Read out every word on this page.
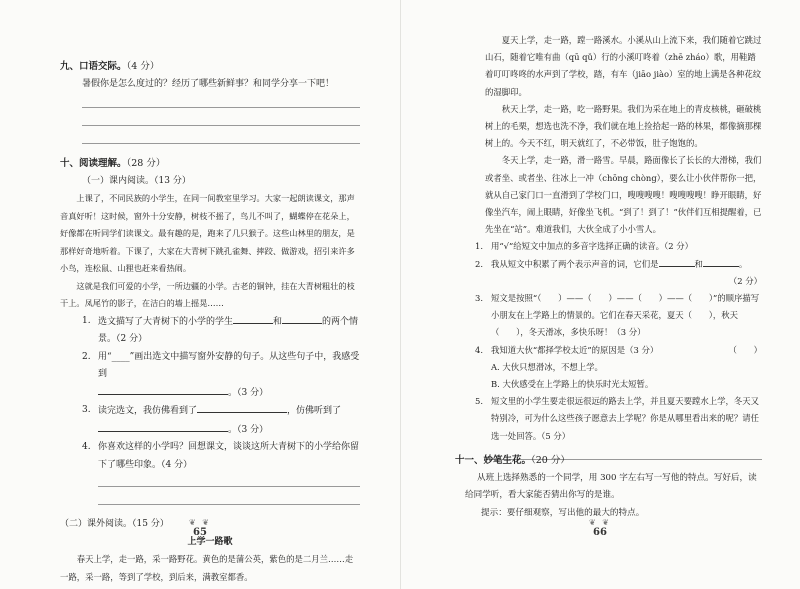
九、口语交际。（4 分）
暑假你是怎么度过的？经历了哪些新鲜事？和同学分享一下吧！
十、阅读理解。（28 分）
（一）课内阅读。（13 分）
上课了，不同民族的小学生，在同一间教室里学习。大家一起朗读课文，那声音真好听！这时候，窗外十分安静，树枝不摇了，鸟儿不叫了，蝴蝶停在花朵上，好像都在听同学们读课文。最有趣的是，跑来了几只猴子。这些山林里的朋友，是那样好奇地听着。下课了，大家在大青树下跳孔雀舞、摔跤、做游戏，招引来许多小鸟，连松鼠、山狸也赶来看热闹。
这就是我们可爱的小学，一所边疆的小学。古老的铜钟，挂在大青树粗壮的枝干上。凤尾竹的影子，在洁白的墙上摇晃……
1. 选文描写了大青树下的小学的学生	和	的两个情景。（2 分）
2. 用“____”画出选文中描写窗外安静的句子。从这些句子中，我感受到
。（3 分）
3. 读完选文，我仿佛看到了	，仿佛听到了
。（3 分）
4. 你喜欢这样的小学吗？回想课文，谈谈这所大青树下的小学给你留下了哪些印象。（4 分）
（二）课外阅读。（15 分）
上学一路歌
春天上学，走一路，采一路野花。黄色的是蒲公英，紫色的是二月兰……走一路，采一路，等到了学校，到后来，满教室都香。
❦ ❦
65
夏天上学，走一路，蹚一路溪水。小溪从山上流下来，我们随着它跳过山石，随着它唯有曲（qū qǔ）行的小溪叮咚着（zhē zháo）歌，用鞋踏着叮叮咚咚的水声到了学校，踏，有车（jiāo jiào）室的地上满是各种花纹的湿脚印。
秋天上学，走一路，吃一路野果。我们为采在地上的青皮核桃，砸破桃树上的毛栗，想选也洗不净，我们就在地上捡拾起一路的林果，都像摘那棵树上的。今天不红，明天就红了，不必带饭，肚子饱饱的。
冬天上学，走一路，滑一路雪。早晨，路面像长了长长的大滑梯，我们或者坐、或者坐、往冰上一冲（chōng chòng），要么让小伙伴帮你一把，就从自己家门口一直滑到了学校门口，嗖嗖嗖嗖！嗖嗖嗖嗖！睁开眼睛，好像坐汽车，闹上眼睛，好像坐飞机。“到了！到了！”伙伴们互相提醒着，已先坐在“站”。难道我们，大伙全成了小小雪人。
1. 用“√”给短文中加点的多音字选择正确的读音。（2 分）
2. 我从短文中积累了两个表示声音的词，它们是	和	。
（2 分）
3. 短文是按照“（　　）——（　　）——（　　）——（　　）”的顺序描写小朋友在上学路上的情景的。它们在春天采花，夏天（　　），秋天（　　），冬天滑冰，多快乐呀！（3 分）
4. 我知道大伙“都择学校太近”的原因是（3 分）	（　　）
A. 大伙只想滑冰，不想上学。
B. 大伙感受在上学路上的快乐时光太短暂。
5. 短文里的小学生要走很远很远的路去上学，并且夏天要蹚水上学，冬天又特别冷，可为什么这些孩子愿意去上学呢？你是从哪里看出来的呢？请任选一处回答。（5 分）
十一、妙笔生花。（20 分）
从班上选择熟悉的一个同学，用 300 字左右写一写他的特点。写好后，读给同学听，看大家能否猜出你写的是谁。
提示：要仔细观察，写出他的最大的特点。
❦ ❦
66
